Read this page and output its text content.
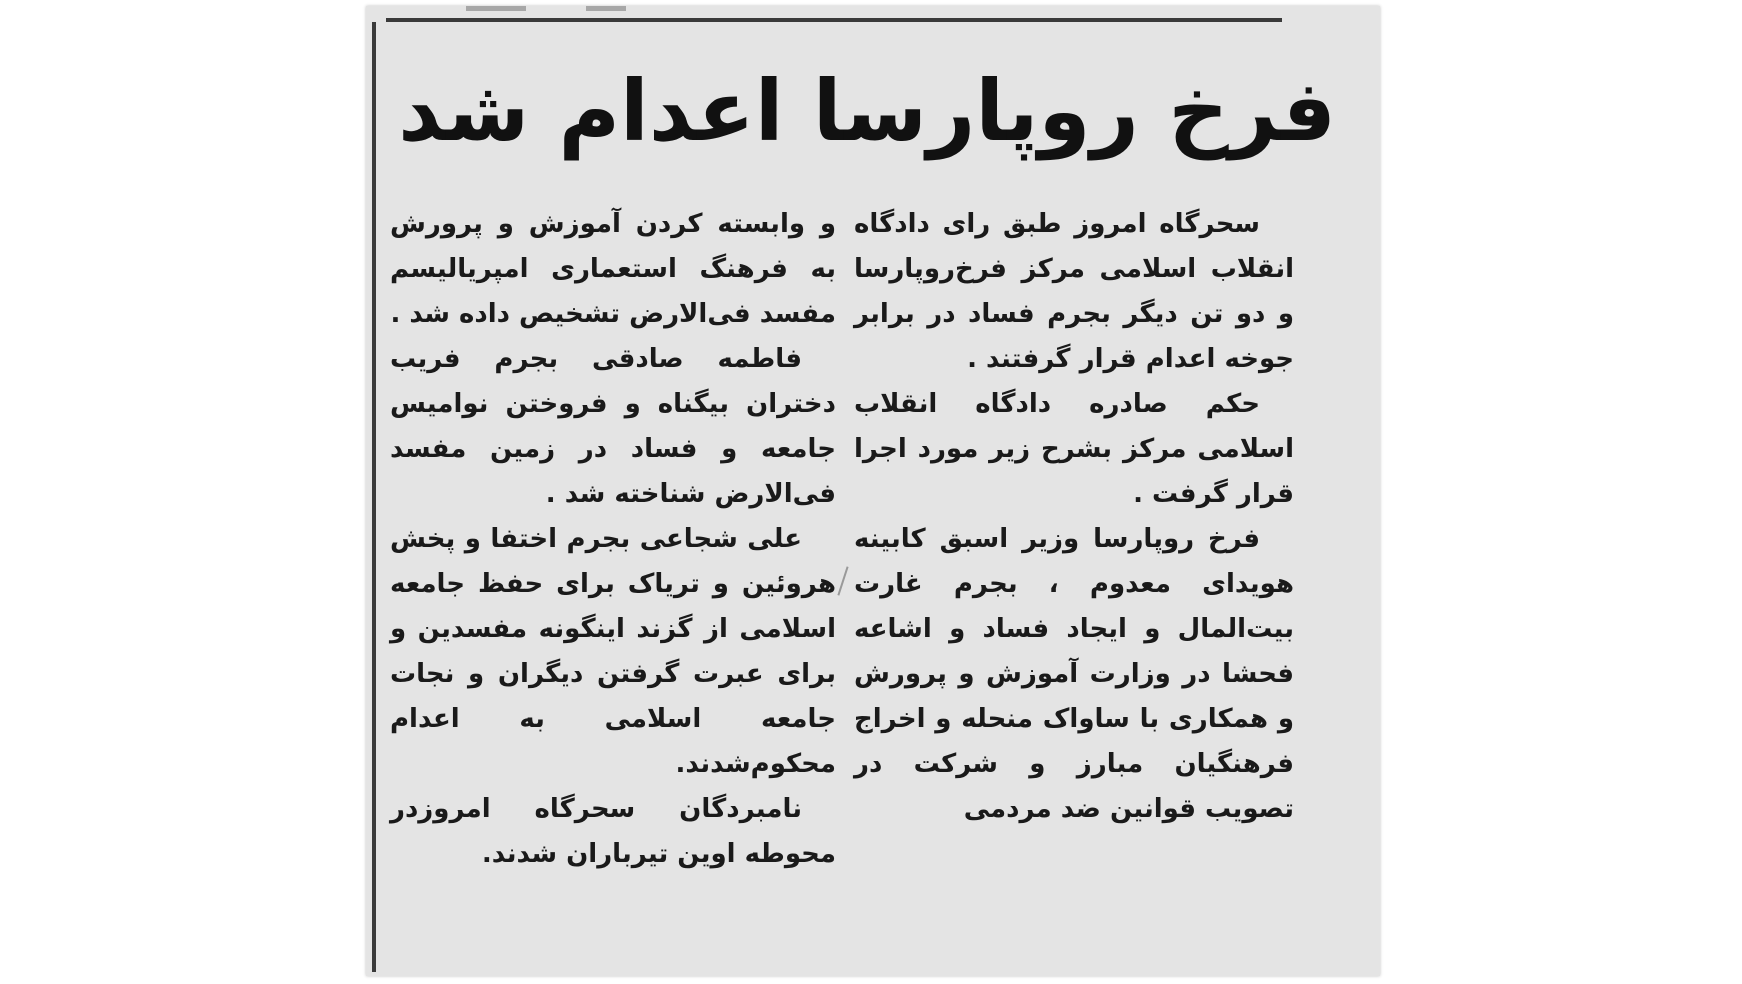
فرخ روپارسا اعدام شد

سحرگاه امروز طبق رای دادگاه انقلاب اسلامی مرکز فرخ‌روپارسا و دو تن دیگر بجرم فساد در برابر جوخه اعدام قرار گرفتند .

حکم صادره دادگاه انقلاب اسلامی مرکز بشرح زیر مورد اجرا قرار گرفت .

فرخ روپارسا وزیر اسبق کابینه هویدای معدوم ، بجرم غارت بیت‌المال و ایجاد فساد و اشاعه فحشا در وزارت آموزش و پرورش و همکاری با ساواک منحله و اخراج فرهنگیان مبارز و شرکت در تصویب قوانین ضد مردمی

و وابسته کردن آموزش و پرورش به فرهنگ استعماری امپریالیسم مفسد فی‌الارض تشخیص داده شد .

فاطمه صادقی بجرم فریب دختران بیگناه و فروختن نوامیس جامعه و فساد در زمین مفسد فی‌الارض شناخته شد .

علی شجاعی بجرم اختفا و پخش هروئین و تریاک برای حفظ جامعه اسلامی از گزند اینگونه مفسدین و برای عبرت گرفتن دیگران و نجات جامعه اسلامی به اعدام محکوم‌شدند.

نامبردگان سحرگاه امروزدر محوطه اوین تیرباران شدند.
